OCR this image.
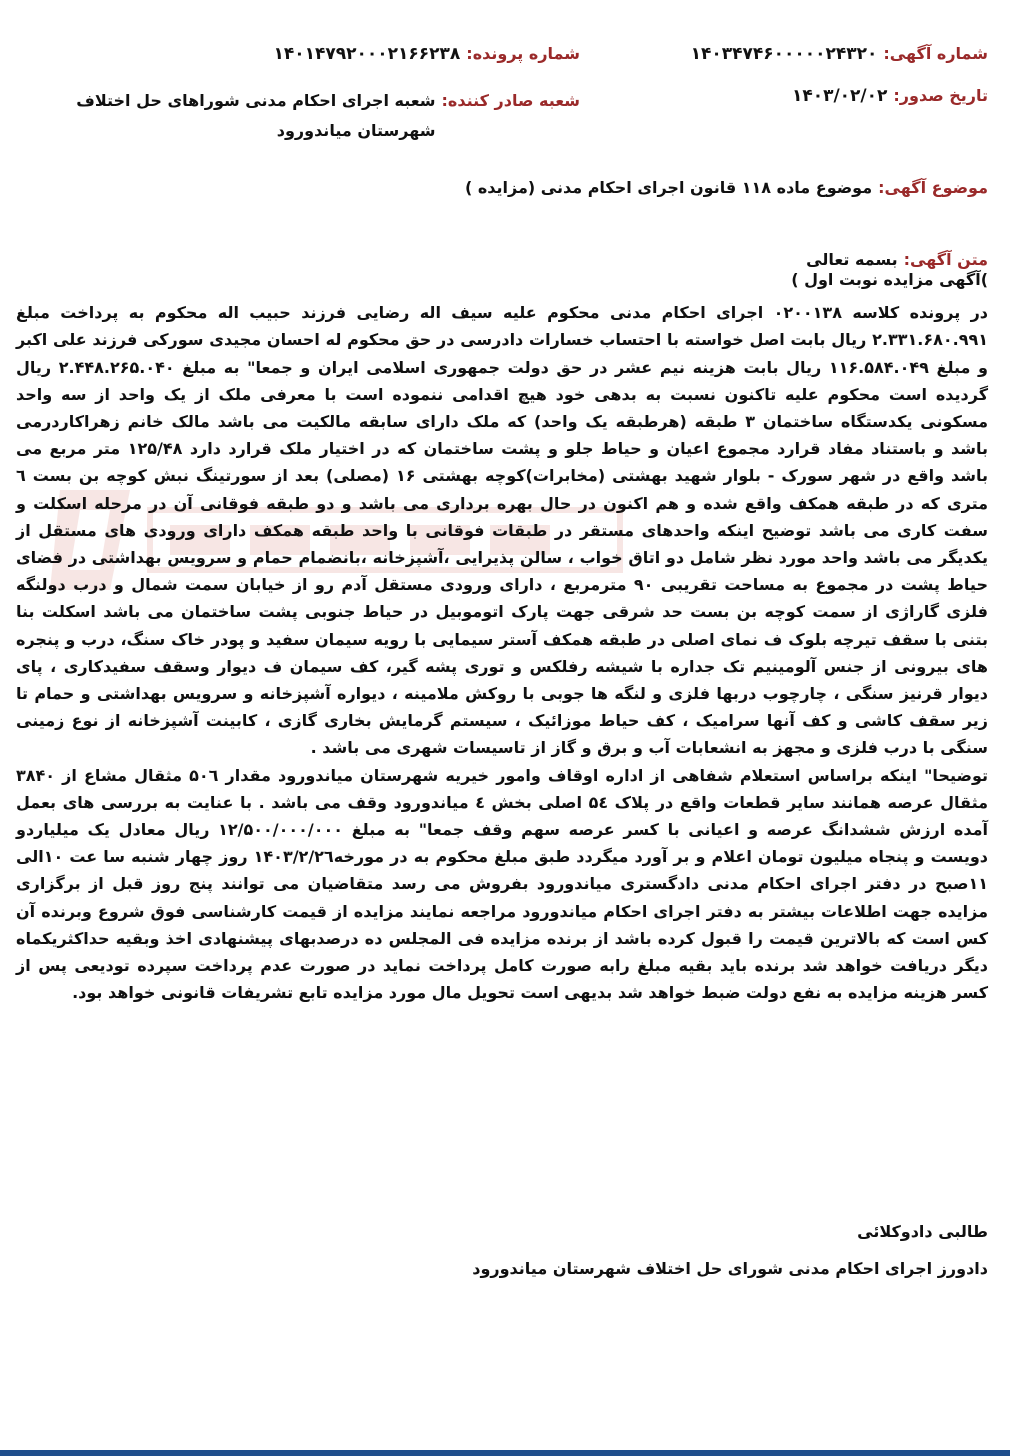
شماره آگهی:
۱۴۰۳۴۷۴۶۰۰۰۰۰۲۴۳۲۰
تاریخ صدور:
۱۴۰۳/۰۲/۰۲
شماره پرونده:
۱۴۰۱۴۷۹۲۰۰۰۲۱۶۶۲۳۸
شعبه صادر کننده:
شعبه اجرای احکام مدنی شوراهای حل اختلاف شهرستان میاندورود
موضوع آگهی:
موضوع ماده ۱۱۸ قانون اجرای احکام مدنی (مزایده )
متن آگهی:
بسمه تعالی

)آگهی مزایده نوبت اول )

در پرونده کلاسه ۰۲۰۰۱۳۸ اجرای احکام مدنی محکوم علیه سیف اله رضایی فرزند حبیب اله محکوم به پرداخت مبلغ ۲.۳۳۱.۶۸۰.۹۹۱ ریال بابت اصل خواسته با احتساب خسارات دادرسی در حق محکوم له احسان مجیدی سورکی فرزند علی اکبر و مبلغ ۱۱۶.۵۸۴.۰۴۹ ریال بابت هزینه نیم عشر در حق دولت جمهوری اسلامی ایران و جمعا" به مبلغ ۲.۴۴۸.۲۶۵.۰۴۰ ریال گردیده است محکوم علیه تاکنون نسبت به بدهی خود هیچ اقدامی ننموده است با معرفی ملک از یک واحد از سه واحد مسکونی یکدستگاه ساختمان ۳ طبقه (هرطبقه یک واحد) که ملک دارای سابقه مالکیت می باشد مالک خانم زهراکاردرمی باشد و باستناد مفاد قرارد مجموع اعیان و حیاط جلو و پشت ساختمان که در اختیار ملک قرارد دارد ۱۲۵/۴۸ متر مربع می باشد واقع در شهر سورک - بلوار شهید بهشتی (مخابرات)کوچه بهشتی ۱۶ (مصلی) بعد از سورتینگ نبش کوچه بن بست ٦ متری که در طبقه همکف واقع شده و هم اکنون در حال بهره برداری می باشد و دو طبقه فوقانی آن در مرحله اسکلت و سفت کاری می باشد توضیح اینکه واحدهای مستقر در طبقات فوقانی با واحد طبقه همکف دارای ورودی های مستقل از یکدیگر می باشد واحد مورد نظر شامل دو اتاق خواب ، سالن پذیرایی ،آشپزخانه ،بانضمام حمام و سرویس بهداشتی در فضای حیاط پشت در مجموع به مساحت تقریبی ۹۰ مترمربع ، دارای ورودی مستقل آدم رو از خیابان سمت شمال و درب دولنگه فلزی گاراژی از سمت کوچه بن بست حد شرقی جهت پارک اتوموبیل در حیاط جنوبی پشت ساختمان می باشد اسکلت بنا بتنی با سقف تیرچه بلوک ف نمای اصلی در طبقه همکف آستر سیمایی با رویه سیمان سفید و پودر خاک سنگ، درب و پنجره های بیرونی از جنس آلومینیم تک جداره با شیشه رفلکس و توری پشه گیر، کف سیمان ف دیوار وسقف سفیدکاری ، پای دیوار قرنیز سنگی ، چارچوب دربها فلزی و لنگه ها جوبی با روکش ملامینه ، دیواره آشپزخانه و سرویس بهداشتی و حمام تا زیر سقف کاشی و کف آنها سرامیک ، کف حیاط موزائیک ، سیستم گرمایش بخاری گازی ، کابینت آشپزخانه از نوع زمینی سنگی با درب فلزی و مجهز به انشعابات آب و برق و گاز از تاسیسات شهری می باشد .

توضیحا" اینکه براساس استعلام شفاهی از اداره اوقاف وامور خیریه شهرستان میاندورود مقدار ۵۰٦ مثقال مشاع از ۳۸۴۰ مثقال عرصه همانند سایر قطعات واقع در پلاک ۵٤ اصلی بخش ٤ میاندورود وقف می باشد . با عنایت به بررسی های بعمل آمده ارزش ششدانگ عرصه و اعیانی با کسر عرصه سهم وقف جمعا" به مبلغ ۱۲/۵۰۰/۰۰۰/۰۰۰ ریال معادل یک میلیاردو دویست و پنجاه میلیون تومان اعلام و بر آورد میگردد طبق مبلغ محکوم به در مورخه۱۴۰۳/۲/۲٦ روز چهار شنبه سا عت ۱۰الی ۱۱صبح در دفتر اجرای احکام مدنی دادگستری میاندورود بفروش می رسد متقاضیان می توانند پنج روز قبل از برگزاری مزایده جهت اطلاعات بیشتر به دفتر اجرای احکام میاندورود مراجعه نمایند مزایده از قیمت کارشناسی فوق شروع وبرنده آن کس است که بالاترین قیمت را قبول کرده باشد از برنده مزایده فی المجلس ده درصدبهای پیشنهادی اخذ وبقیه حداکثریکماه دیگر دریافت خواهد شد برنده باید بقیه مبلغ رابه صورت کامل پرداخت نماید در صورت عدم پرداخت سپرده تودیعی پس از کسر هزینه مزایده به نفع دولت ضبط خواهد شد بدیهی است تحویل مال مورد مزایده تابع تشریفات قانونی خواهد بود.

طالبی دادوکلائی
دادورز اجرای احکام مدنی شورای حل اختلاف شهرستان میاندورود
